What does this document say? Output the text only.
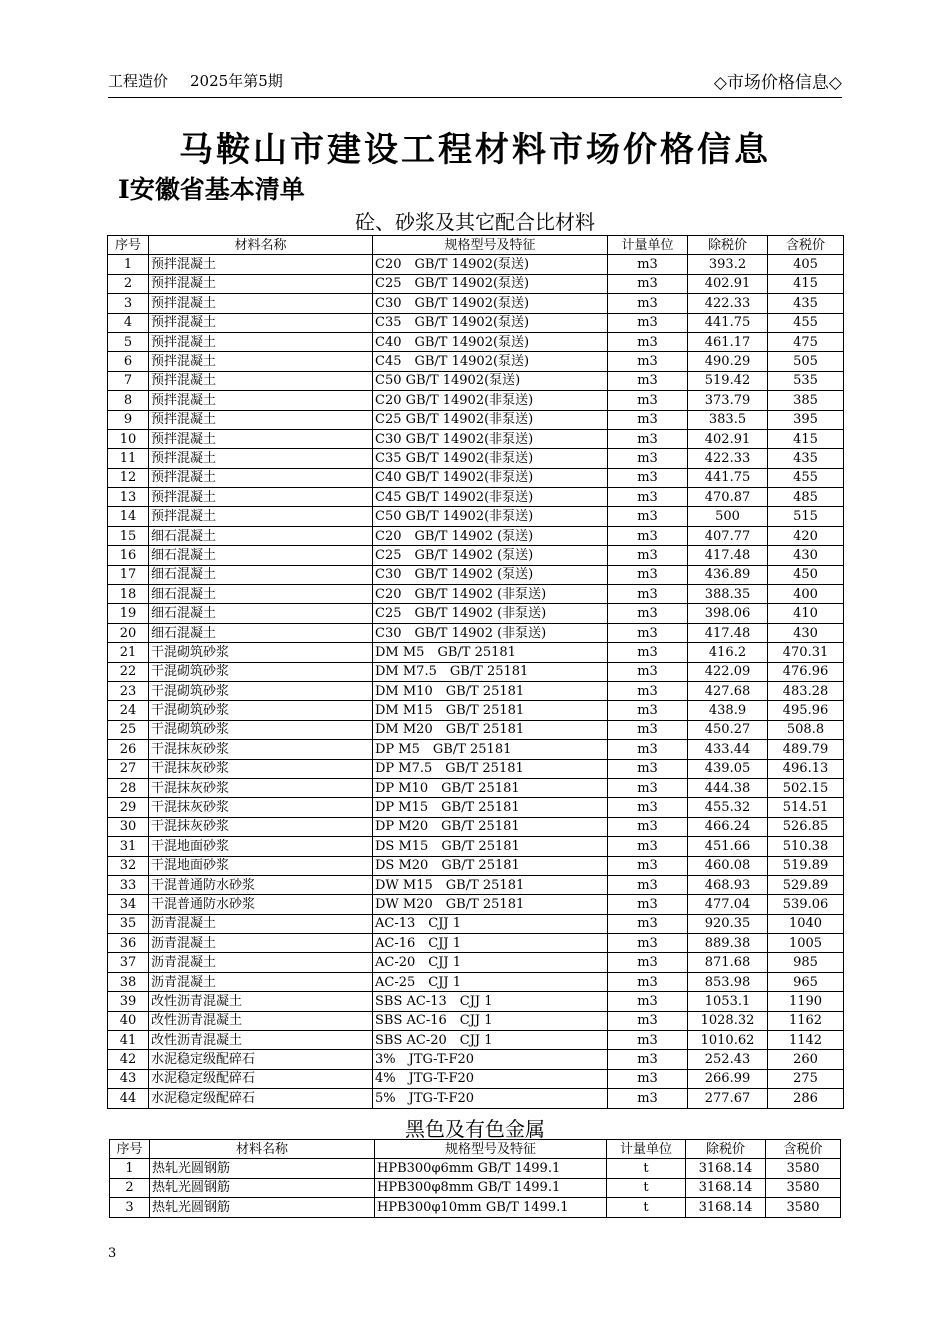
工程造价 2025年第5期	◇市场价格信息◇
马鞍山市建设工程材料市场价格信息
Ⅰ安徽省基本清单
砼、砂浆及其它配合比材料
序号	材料名称	规格型号及特征	计量单位	除税价	含税价
1	预拌混凝土	C20　GB/T 14902(泵送)	m3	393.2	405
2	预拌混凝土	C25　GB/T 14902(泵送)	m3	402.91	415
3	预拌混凝土	C30　GB/T 14902(泵送)	m3	422.33	435
4	预拌混凝土	C35　GB/T 14902(泵送)	m3	441.75	455
5	预拌混凝土	C40　GB/T 14902(泵送)	m3	461.17	475
6	预拌混凝土	C45　GB/T 14902(泵送)	m3	490.29	505
7	预拌混凝土	C50 GB/T 14902(泵送)	m3	519.42	535
8	预拌混凝土	C20 GB/T 14902(非泵送)	m3	373.79	385
9	预拌混凝土	C25 GB/T 14902(非泵送)	m3	383.5	395
10	预拌混凝土	C30 GB/T 14902(非泵送)	m3	402.91	415
11	预拌混凝土	C35 GB/T 14902(非泵送)	m3	422.33	435
12	预拌混凝土	C40 GB/T 14902(非泵送)	m3	441.75	455
13	预拌混凝土	C45 GB/T 14902(非泵送)	m3	470.87	485
14	预拌混凝土	C50 GB/T 14902(非泵送)	m3	500	515
15	细石混凝土	C20　GB/T 14902 (泵送)	m3	407.77	420
16	细石混凝土	C25　GB/T 14902 (泵送)	m3	417.48	430
17	细石混凝土	C30　GB/T 14902 (泵送)	m3	436.89	450
18	细石混凝土	C20　GB/T 14902 (非泵送)	m3	388.35	400
19	细石混凝土	C25　GB/T 14902 (非泵送)	m3	398.06	410
20	细石混凝土	C30　GB/T 14902 (非泵送)	m3	417.48	430
21	干混砌筑砂浆	DM M5　GB/T 25181	m3	416.2	470.31
22	干混砌筑砂浆	DM M7.5　GB/T 25181	m3	422.09	476.96
23	干混砌筑砂浆	DM M10　GB/T 25181	m3	427.68	483.28
24	干混砌筑砂浆	DM M15　GB/T 25181	m3	438.9	495.96
25	干混砌筑砂浆	DM M20　GB/T 25181	m3	450.27	508.8
26	干混抹灰砂浆	DP M5　GB/T 25181	m3	433.44	489.79
27	干混抹灰砂浆	DP M7.5　GB/T 25181	m3	439.05	496.13
28	干混抹灰砂浆	DP M10　GB/T 25181	m3	444.38	502.15
29	干混抹灰砂浆	DP M15　GB/T 25181	m3	455.32	514.51
30	干混抹灰砂浆	DP M20　GB/T 25181	m3	466.24	526.85
31	干混地面砂浆	DS M15　GB/T 25181	m3	451.66	510.38
32	干混地面砂浆	DS M20　GB/T 25181	m3	460.08	519.89
33	干混普通防水砂浆	DW M15　GB/T 25181	m3	468.93	529.89
34	干混普通防水砂浆	DW M20　GB/T 25181	m3	477.04	539.06
35	沥青混凝土	AC-13　CJJ 1	m3	920.35	1040
36	沥青混凝土	AC-16　CJJ 1	m3	889.38	1005
37	沥青混凝土	AC-20　CJJ 1	m3	871.68	985
38	沥青混凝土	AC-25　CJJ 1	m3	853.98	965
39	改性沥青混凝土	SBS AC-13　CJJ 1	m3	1053.1	1190
40	改性沥青混凝土	SBS AC-16　CJJ 1	m3	1028.32	1162
41	改性沥青混凝土	SBS AC-20　CJJ 1	m3	1010.62	1142
42	水泥稳定级配碎石	3%　JTG-T-F20	m3	252.43	260
43	水泥稳定级配碎石	4%　JTG-T-F20	m3	266.99	275
44	水泥稳定级配碎石	5%　JTG-T-F20	m3	277.67	286
黑色及有色金属
序号	材料名称	规格型号及特征	计量单位	除税价	含税价
1	热轧光圆钢筋	HPB300φ6mm GB/T 1499.1	t	3168.14	3580
2	热轧光圆钢筋	HPB300φ8mm GB/T 1499.1	t	3168.14	3580
3	热轧光圆钢筋	HPB300φ10mm GB/T 1499.1	t	3168.14	3580
3
